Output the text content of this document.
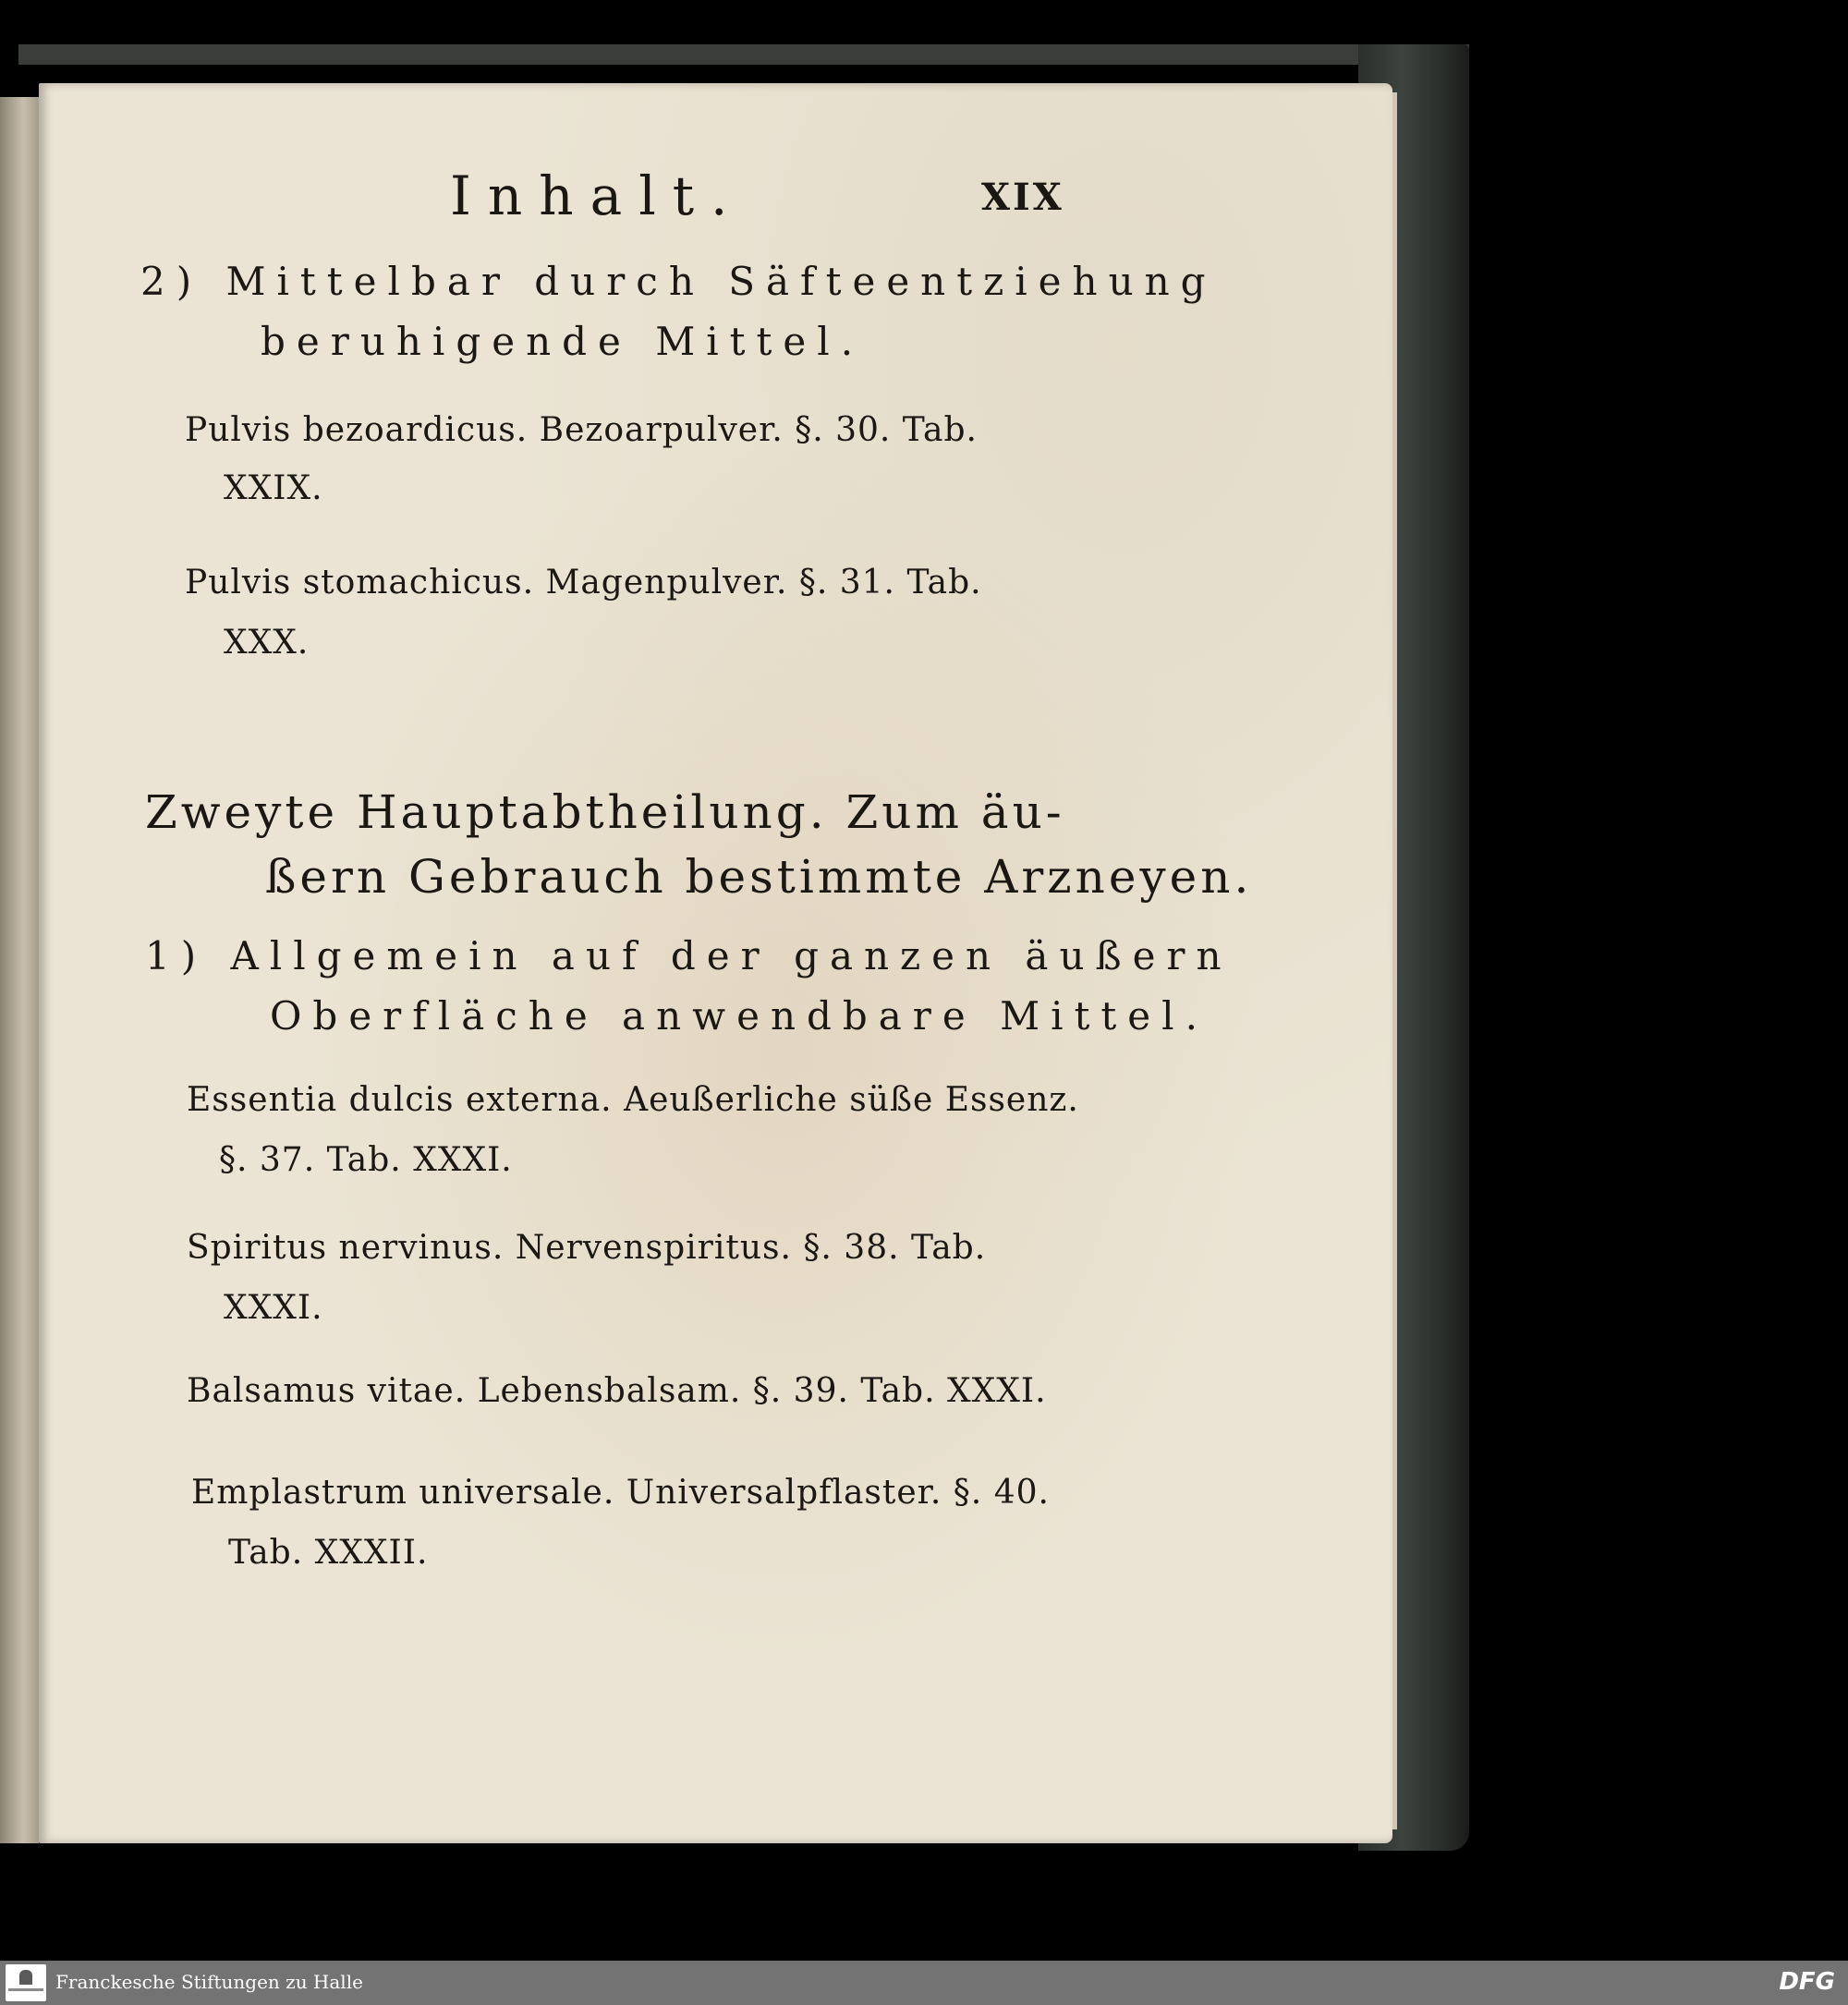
Inhalt.	XIX
2) Mittelbar durch Säfteentziehung
beruhigende Mittel.
Pulvis bezoardicus. Bezoarpulver. §. 30. Tab.
XXIX.
Pulvis stomachicus. Magenpulver. §. 31. Tab.
XXX.
Zweyte Hauptabtheilung. Zum äu-
ßern Gebrauch bestimmte Arzneyen.
1) Allgemein auf der ganzen äußern
Oberfläche anwendbare Mittel.
Essentia dulcis externa. Aeußerliche süße Essenz.
§. 37. Tab. XXXI.
Spiritus nervinus. Nervenspiritus. §. 38. Tab.
XXXI.
Balsamus vitae. Lebensbalsam. §. 39. Tab. XXXI.
Emplastrum universale. Universalpflaster. §. 40.
Tab. XXXII.
Franckesche Stiftungen zu Halle	DFG
